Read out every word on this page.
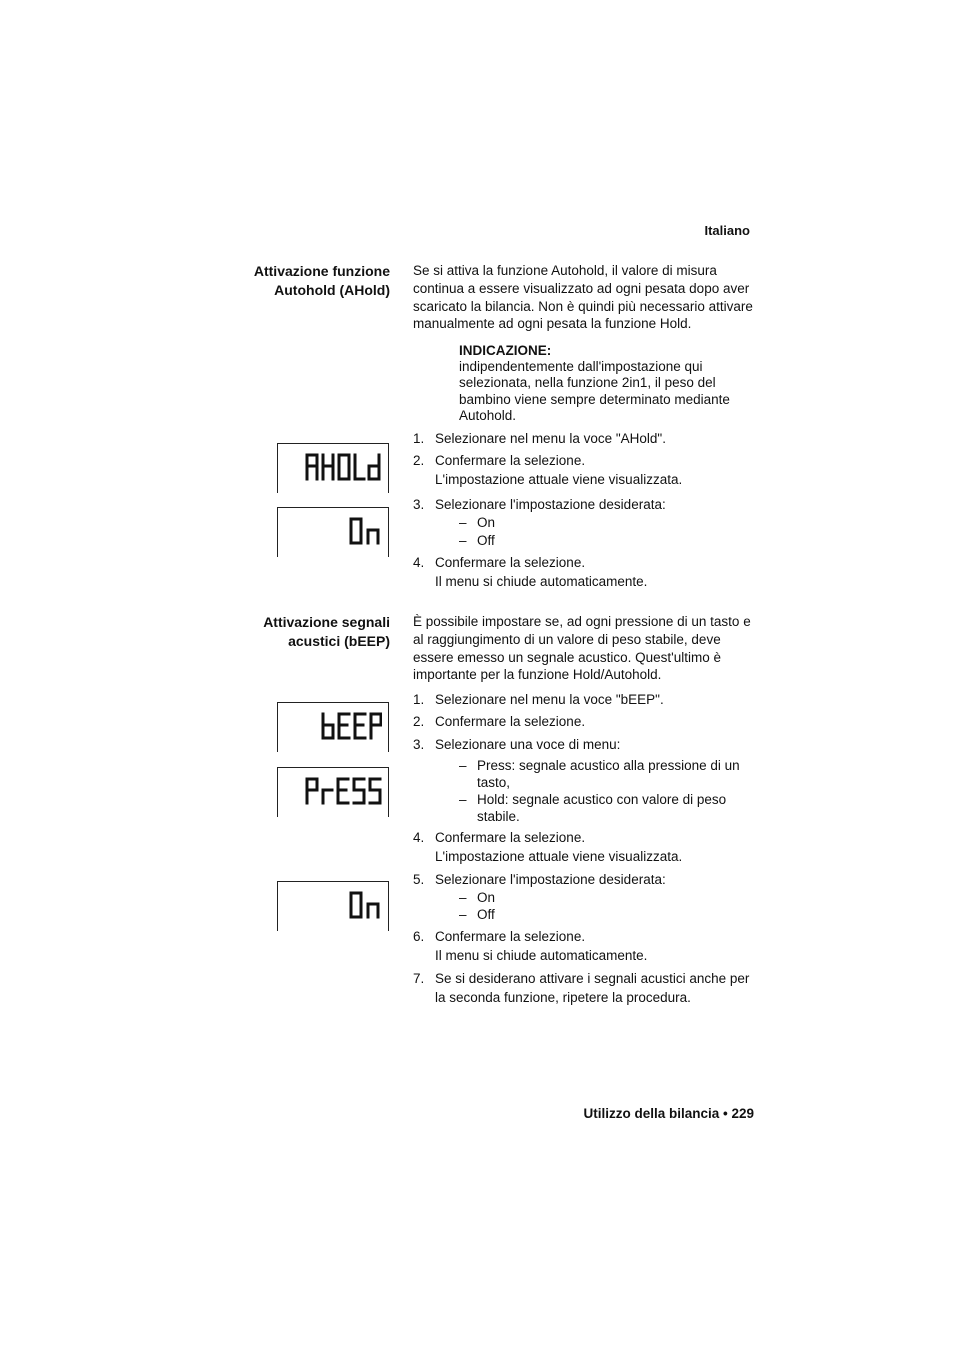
Italiano
Attivazione funzione
Autohold (AHold)
Se si attiva la funzione Autohold, il valore di misura continua a essere visualizzato ad ogni pesata dopo aver scaricato la bilancia. Non è quindi più necessario attivare manualmente ad ogni pesata la funzione Hold.
INDICAZIONE:
indipendentemente dall'impostazione qui selezionata, nella funzione 2in1, il peso del bambino viene sempre determinato mediante Autohold.
1. Selezionare nel menu la voce "AHold".
2. Confermare la selezione.
L'impostazione attuale viene visualizzata.
3. Selezionare l'impostazione desiderata:
– On
– Off
4. Confermare la selezione.
Il menu si chiude automaticamente.
Attivazione segnali
acustici (bEEP)
È possibile impostare se, ad ogni pressione di un tasto e al raggiungimento di un valore di peso stabile, deve essere emesso un segnale acustico. Quest'ultimo è importante per la funzione Hold/Autohold.
1. Selezionare nel menu la voce "bEEP".
2. Confermare la selezione.
3. Selezionare una voce di menu:
– Press: segnale acustico alla pressione di un tasto,
– Hold: segnale acustico con valore di peso stabile.
4. Confermare la selezione.
L'impostazione attuale viene visualizzata.
5. Selezionare l'impostazione desiderata:
– On
– Off
6. Confermare la selezione.
Il menu si chiude automaticamente.
7. Se si desiderano attivare i segnali acustici anche per la seconda funzione, ripetere la procedura.
Utilizzo della bilancia • 229
